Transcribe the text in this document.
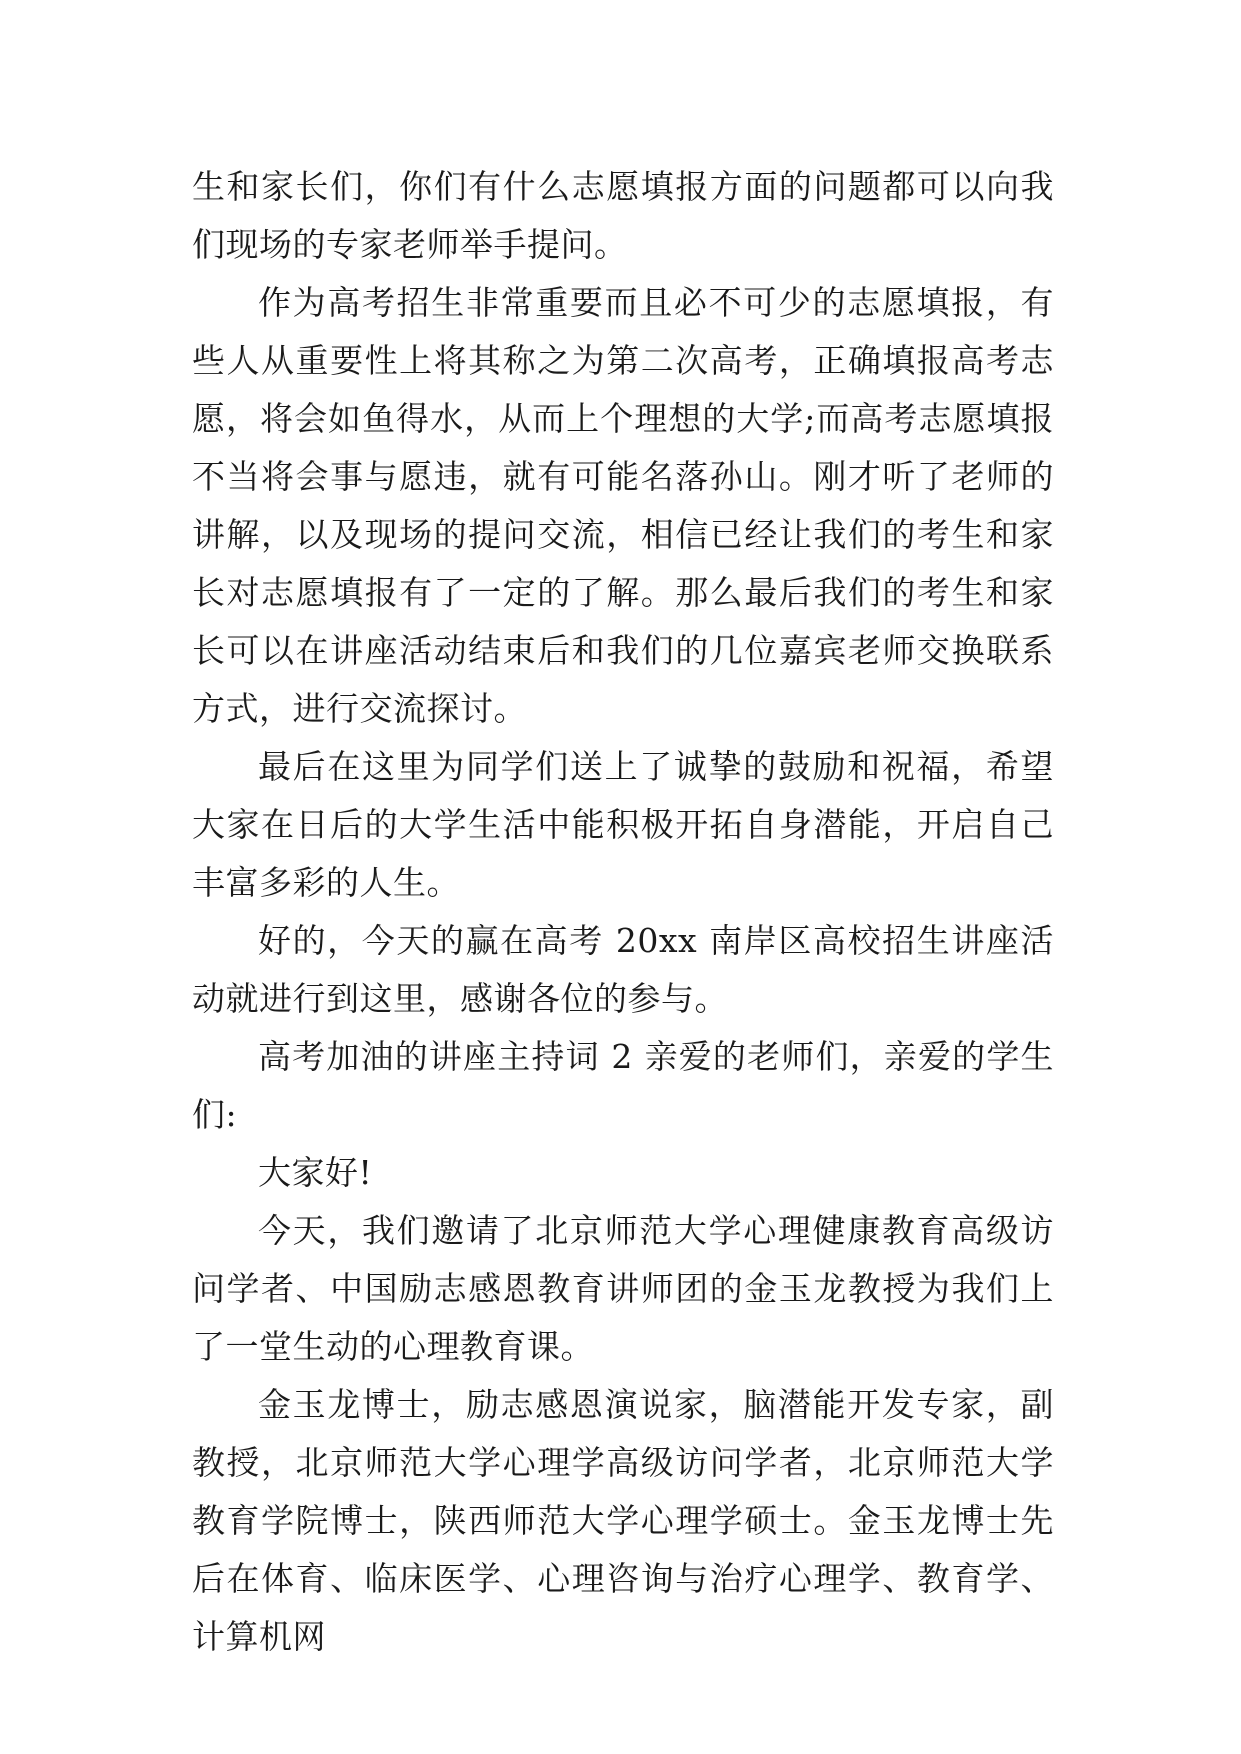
生和家长们，你们有什么志愿填报方面的问题都可以向我们现场的专家老师举手提问。

作为高考招生非常重要而且必不可少的志愿填报，有些人从重要性上将其称之为第二次高考，正确填报高考志愿，将会如鱼得水，从而上个理想的大学;而高考志愿填报不当将会事与愿违，就有可能名落孙山。刚才听了老师的讲解，以及现场的提问交流，相信已经让我们的考生和家长对志愿填报有了一定的了解。那么最后我们的考生和家长可以在讲座活动结束后和我们的几位嘉宾老师交换联系方式，进行交流探讨。

最后在这里为同学们送上了诚挚的鼓励和祝福，希望大家在日后的大学生活中能积极开拓自身潜能，开启自己丰富多彩的人生。

好的，今天的赢在高考 20xx 南岸区高校招生讲座活动就进行到这里，感谢各位的参与。

高考加油的讲座主持词 2 亲爱的老师们，亲爱的学生们:

大家好!

今天，我们邀请了北京师范大学心理健康教育高级访问学者、中国励志感恩教育讲师团的金玉龙教授为我们上了一堂生动的心理教育课。

金玉龙博士，励志感恩演说家，脑潜能开发专家，副教授，北京师范大学心理学高级访问学者，北京师范大学教育学院博士，陕西师范大学心理学硕士。金玉龙博士先后在体育、临床医学、心理咨询与治疗心理学、教育学、计算机网
